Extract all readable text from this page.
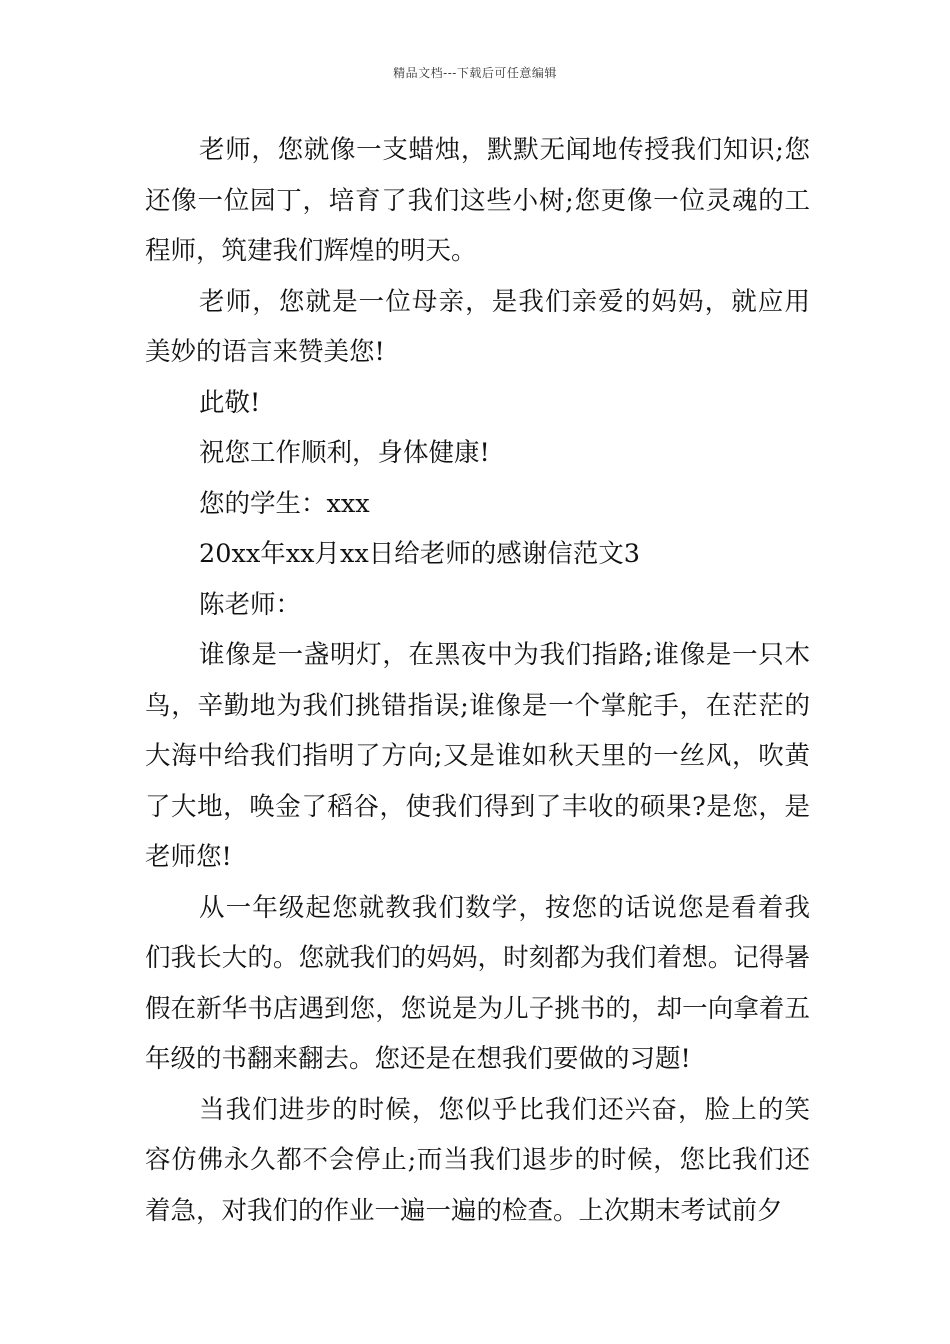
精品文档---下载后可任意编辑

老师，您就像一支蜡烛，默默无闻地传授我们知识;您还像一位园丁，培育了我们这些小树;您更像一位灵魂的工程师，筑建我们辉煌的明天。

老师，您就是一位母亲，是我们亲爱的妈妈，就应用美妙的语言来赞美您!

此敬!

祝您工作顺利，身体健康!

您的学生：xxx

20xx年xx月xx日给老师的感谢信范文3

陈老师：

谁像是一盏明灯，在黑夜中为我们指路;谁像是一只木鸟，辛勤地为我们挑错指误;谁像是一个掌舵手，在茫茫的大海中给我们指明了方向;又是谁如秋天里的一丝风，吹黄了大地，唤金了稻谷，使我们得到了丰收的硕果?是您，是老师您!

从一年级起您就教我们数学，按您的话说您是看着我们我长大的。您就我们的妈妈，时刻都为我们着想。记得暑假在新华书店遇到您，您说是为儿子挑书的，却一向拿着五年级的书翻来翻去。您还是在想我们要做的习题!

当我们进步的时候，您似乎比我们还兴奋，脸上的笑容仿佛永久都不会停止;而当我们退步的时候，您比我们还着急，对我们的作业一遍一遍的检查。上次期末考试前夕
